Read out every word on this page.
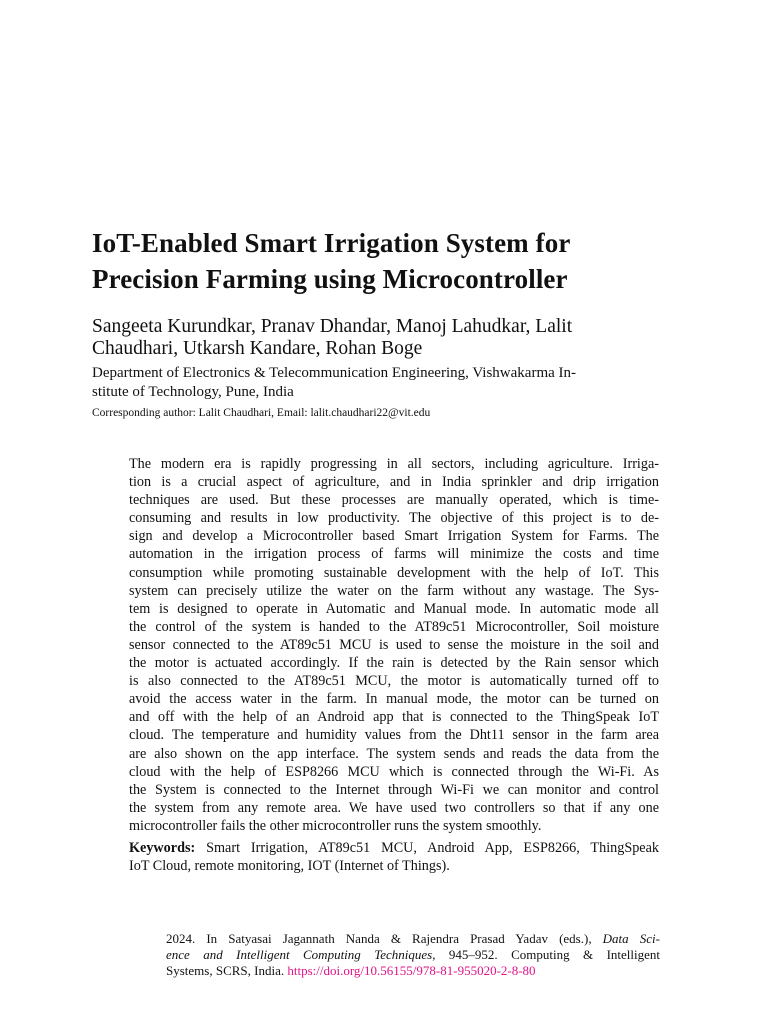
IoT-Enabled Smart Irrigation System for
Precision Farming using Microcontroller
Sangeeta Kurundkar, Pranav Dhandar, Manoj Lahudkar, Lalit
Chaudhari, Utkarsh Kandare, Rohan Boge
Department of Electronics & Telecommunication Engineering, Vishwakarma In-
stitute of Technology, Pune, India
Corresponding author: Lalit Chaudhari, Email: lalit.chaudhari22@vit.edu
The modern era is rapidly progressing in all sectors, including agriculture. Irriga-
tion is a crucial aspect of agriculture, and in India sprinkler and drip irrigation
techniques are used. But these processes are manually operated, which is time-
consuming and results in low productivity. The objective of this project is to de-
sign and develop a Microcontroller based Smart Irrigation System for Farms. The
automation in the irrigation process of farms will minimize the costs and time
consumption while promoting sustainable development with the help of IoT. This
system can precisely utilize the water on the farm without any wastage. The Sys-
tem is designed to operate in Automatic and Manual mode. In automatic mode all
the control of the system is handed to the AT89c51 Microcontroller, Soil moisture
sensor connected to the AT89c51 MCU is used to sense the moisture in the soil and
the motor is actuated accordingly. If the rain is detected by the Rain sensor which
is also connected to the AT89c51 MCU, the motor is automatically turned off to
avoid the access water in the farm. In manual mode, the motor can be turned on
and off with the help of an Android app that is connected to the ThingSpeak IoT
cloud. The temperature and humidity values from the Dht11 sensor in the farm area
are also shown on the app interface. The system sends and reads the data from the
cloud with the help of ESP8266 MCU which is connected through the Wi-Fi. As
the System is connected to the Internet through Wi-Fi we can monitor and control
the system from any remote area. We have used two controllers so that if any one
microcontroller fails the other microcontroller runs the system smoothly.
Keywords: Smart Irrigation, AT89c51 MCU, Android App, ESP8266, ThingSpeak
IoT Cloud, remote monitoring, IOT (Internet of Things).
2024. In Satyasai Jagannath Nanda & Rajendra Prasad Yadav (eds.), Data Sci-
ence and Intelligent Computing Techniques, 945–952. Computing & Intelligent
Systems, SCRS, India. https://doi.org/10.56155/978-81-955020-2-8-80
